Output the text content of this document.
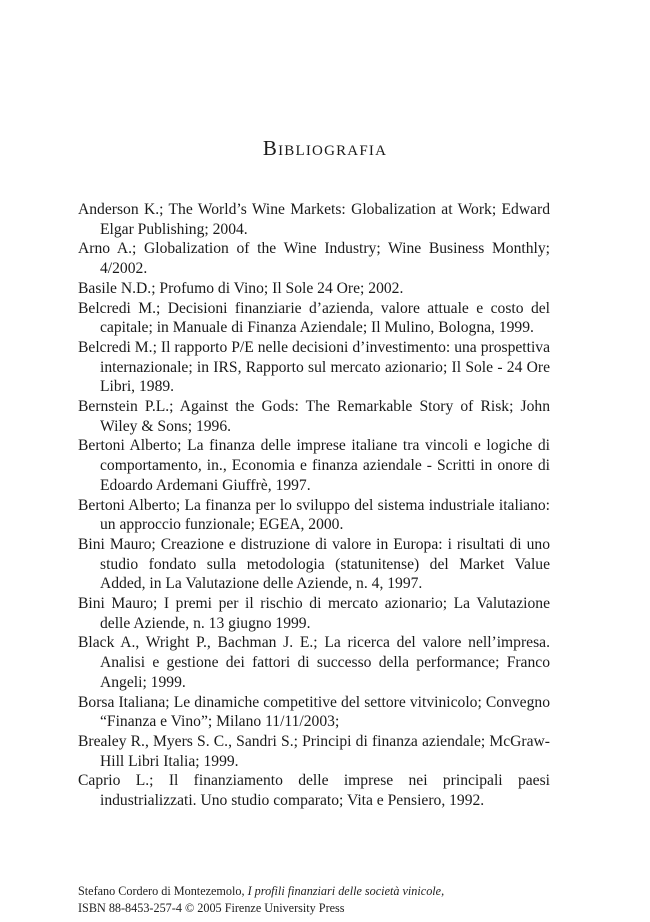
Bibliografia
Anderson K.; The World’s Wine Markets: Globalization at Work; Edward Elgar Publishing; 2004.
Arno A.; Globalization of the Wine Industry; Wine Business Monthly; 4/2002.
Basile N.D.; Profumo di Vino; Il Sole 24 Ore; 2002.
Belcredi M.; Decisioni finanziarie d’azienda, valore attuale e costo del capitale; in Manuale di Finanza Aziendale; Il Mulino, Bologna, 1999.
Belcredi M.; Il rapporto P/E nelle decisioni d’investimento: una prospettiva internazionale; in IRS, Rapporto sul mercato azionario; Il Sole - 24 Ore Libri, 1989.
Bernstein P.L.; Against the Gods: The Remarkable Story of Risk; John Wiley & Sons; 1996.
Bertoni Alberto; La finanza delle imprese italiane tra vincoli e logiche di comportamento, in., Economia e finanza aziendale - Scritti in onore di Edoardo Ardemani Giuffrè, 1997.
Bertoni Alberto; La finanza per lo sviluppo del sistema industriale italiano: un approccio funzionale; EGEA, 2000.
Bini Mauro; Creazione e distruzione di valore in Europa: i risultati di uno studio fondato sulla metodologia (statunitense) del Market Value Added, in La Valutazione delle Aziende, n. 4, 1997.
Bini Mauro; I premi per il rischio di mercato azionario; La Valutazione delle Aziende, n. 13 giugno 1999.
Black A., Wright P., Bachman J. E.; La ricerca del valore nell’impresa. Analisi e gestione dei fattori di successo della performance; Franco Angeli; 1999.
Borsa Italiana; Le dinamiche competitive del settore vitvinicolo; Convegno “Finanza e Vino”; Milano 11/11/2003;
Brealey R., Myers S. C., Sandri S.; Principi di finanza aziendale; McGraw-Hill Libri Italia; 1999.
Caprio L.; Il finanziamento delle imprese nei principali paesi industrializzati. Uno studio comparato; Vita e Pensiero, 1992.
Stefano Cordero di Montezemolo, I profili finanziari delle società vinicole,
ISBN 88-8453-257-4 © 2005 Firenze University Press
